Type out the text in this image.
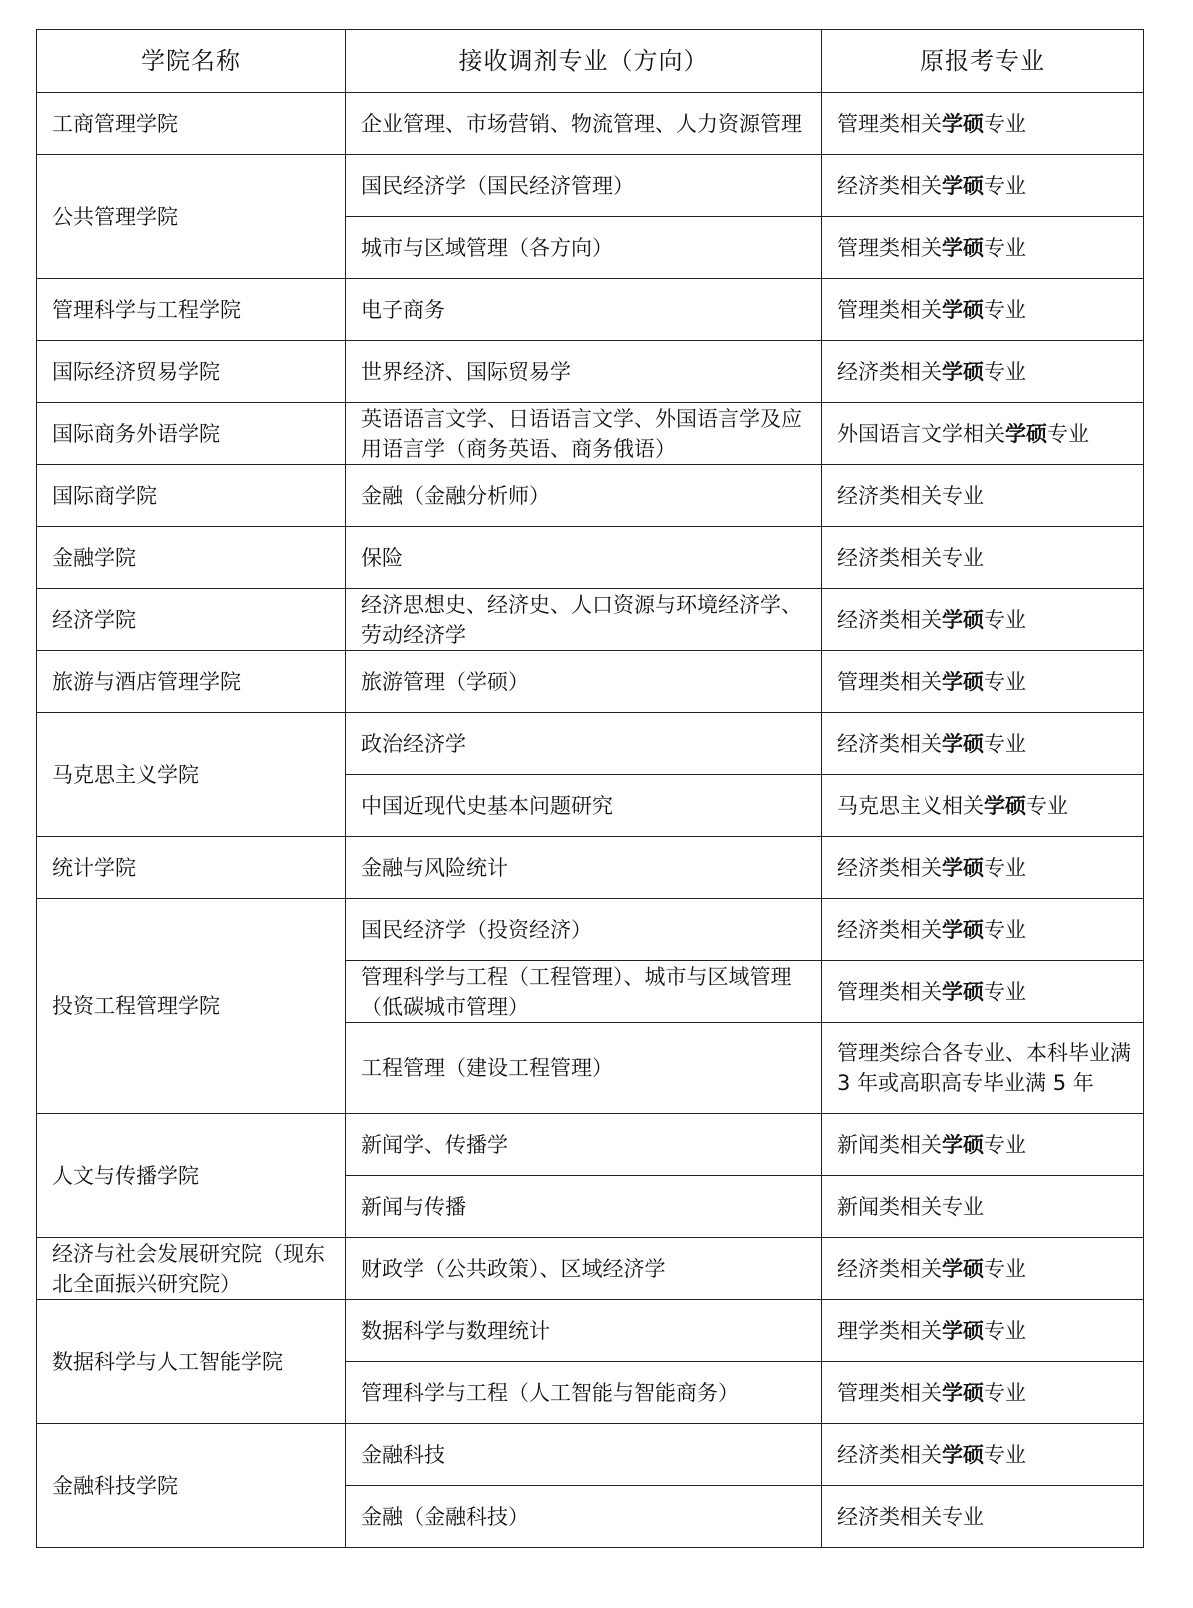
学院名称	接收调剂专业（方向）	原报考专业
工商管理学院	企业管理、市场营销、物流管理、人力资源管理	管理类相关学硕专业
公共管理学院	国民经济学（国民经济管理）	经济类相关学硕专业
	城市与区域管理（各方向）	管理类相关学硕专业
管理科学与工程学院	电子商务	管理类相关学硕专业
国际经济贸易学院	世界经济、国际贸易学	经济类相关学硕专业
国际商务外语学院	英语语言文学、日语语言文学、外国语言学及应用语言学（商务英语、商务俄语）	外国语言文学相关学硕专业
国际商学院	金融（金融分析师）	经济类相关专业
金融学院	保险	经济类相关专业
经济学院	经济思想史、经济史、人口资源与环境经济学、劳动经济学	经济类相关学硕专业
旅游与酒店管理学院	旅游管理（学硕）	管理类相关学硕专业
马克思主义学院	政治经济学	经济类相关学硕专业
	中国近现代史基本问题研究	马克思主义相关学硕专业
统计学院	金融与风险统计	经济类相关学硕专业
投资工程管理学院	国民经济学（投资经济）	经济类相关学硕专业
	管理科学与工程（工程管理）、城市与区域管理（低碳城市管理）	管理类相关学硕专业
	工程管理（建设工程管理）	管理类综合各专业、本科毕业满 3 年或高职高专毕业满 5 年
人文与传播学院	新闻学、传播学	新闻类相关学硕专业
	新闻与传播	新闻类相关专业
经济与社会发展研究院（现东北全面振兴研究院）	财政学（公共政策）、区域经济学	经济类相关学硕专业
数据科学与人工智能学院	数据科学与数理统计	理学类相关学硕专业
	管理科学与工程（人工智能与智能商务）	管理类相关学硕专业
金融科技学院	金融科技	经济类相关学硕专业
	金融（金融科技）	经济类相关专业
